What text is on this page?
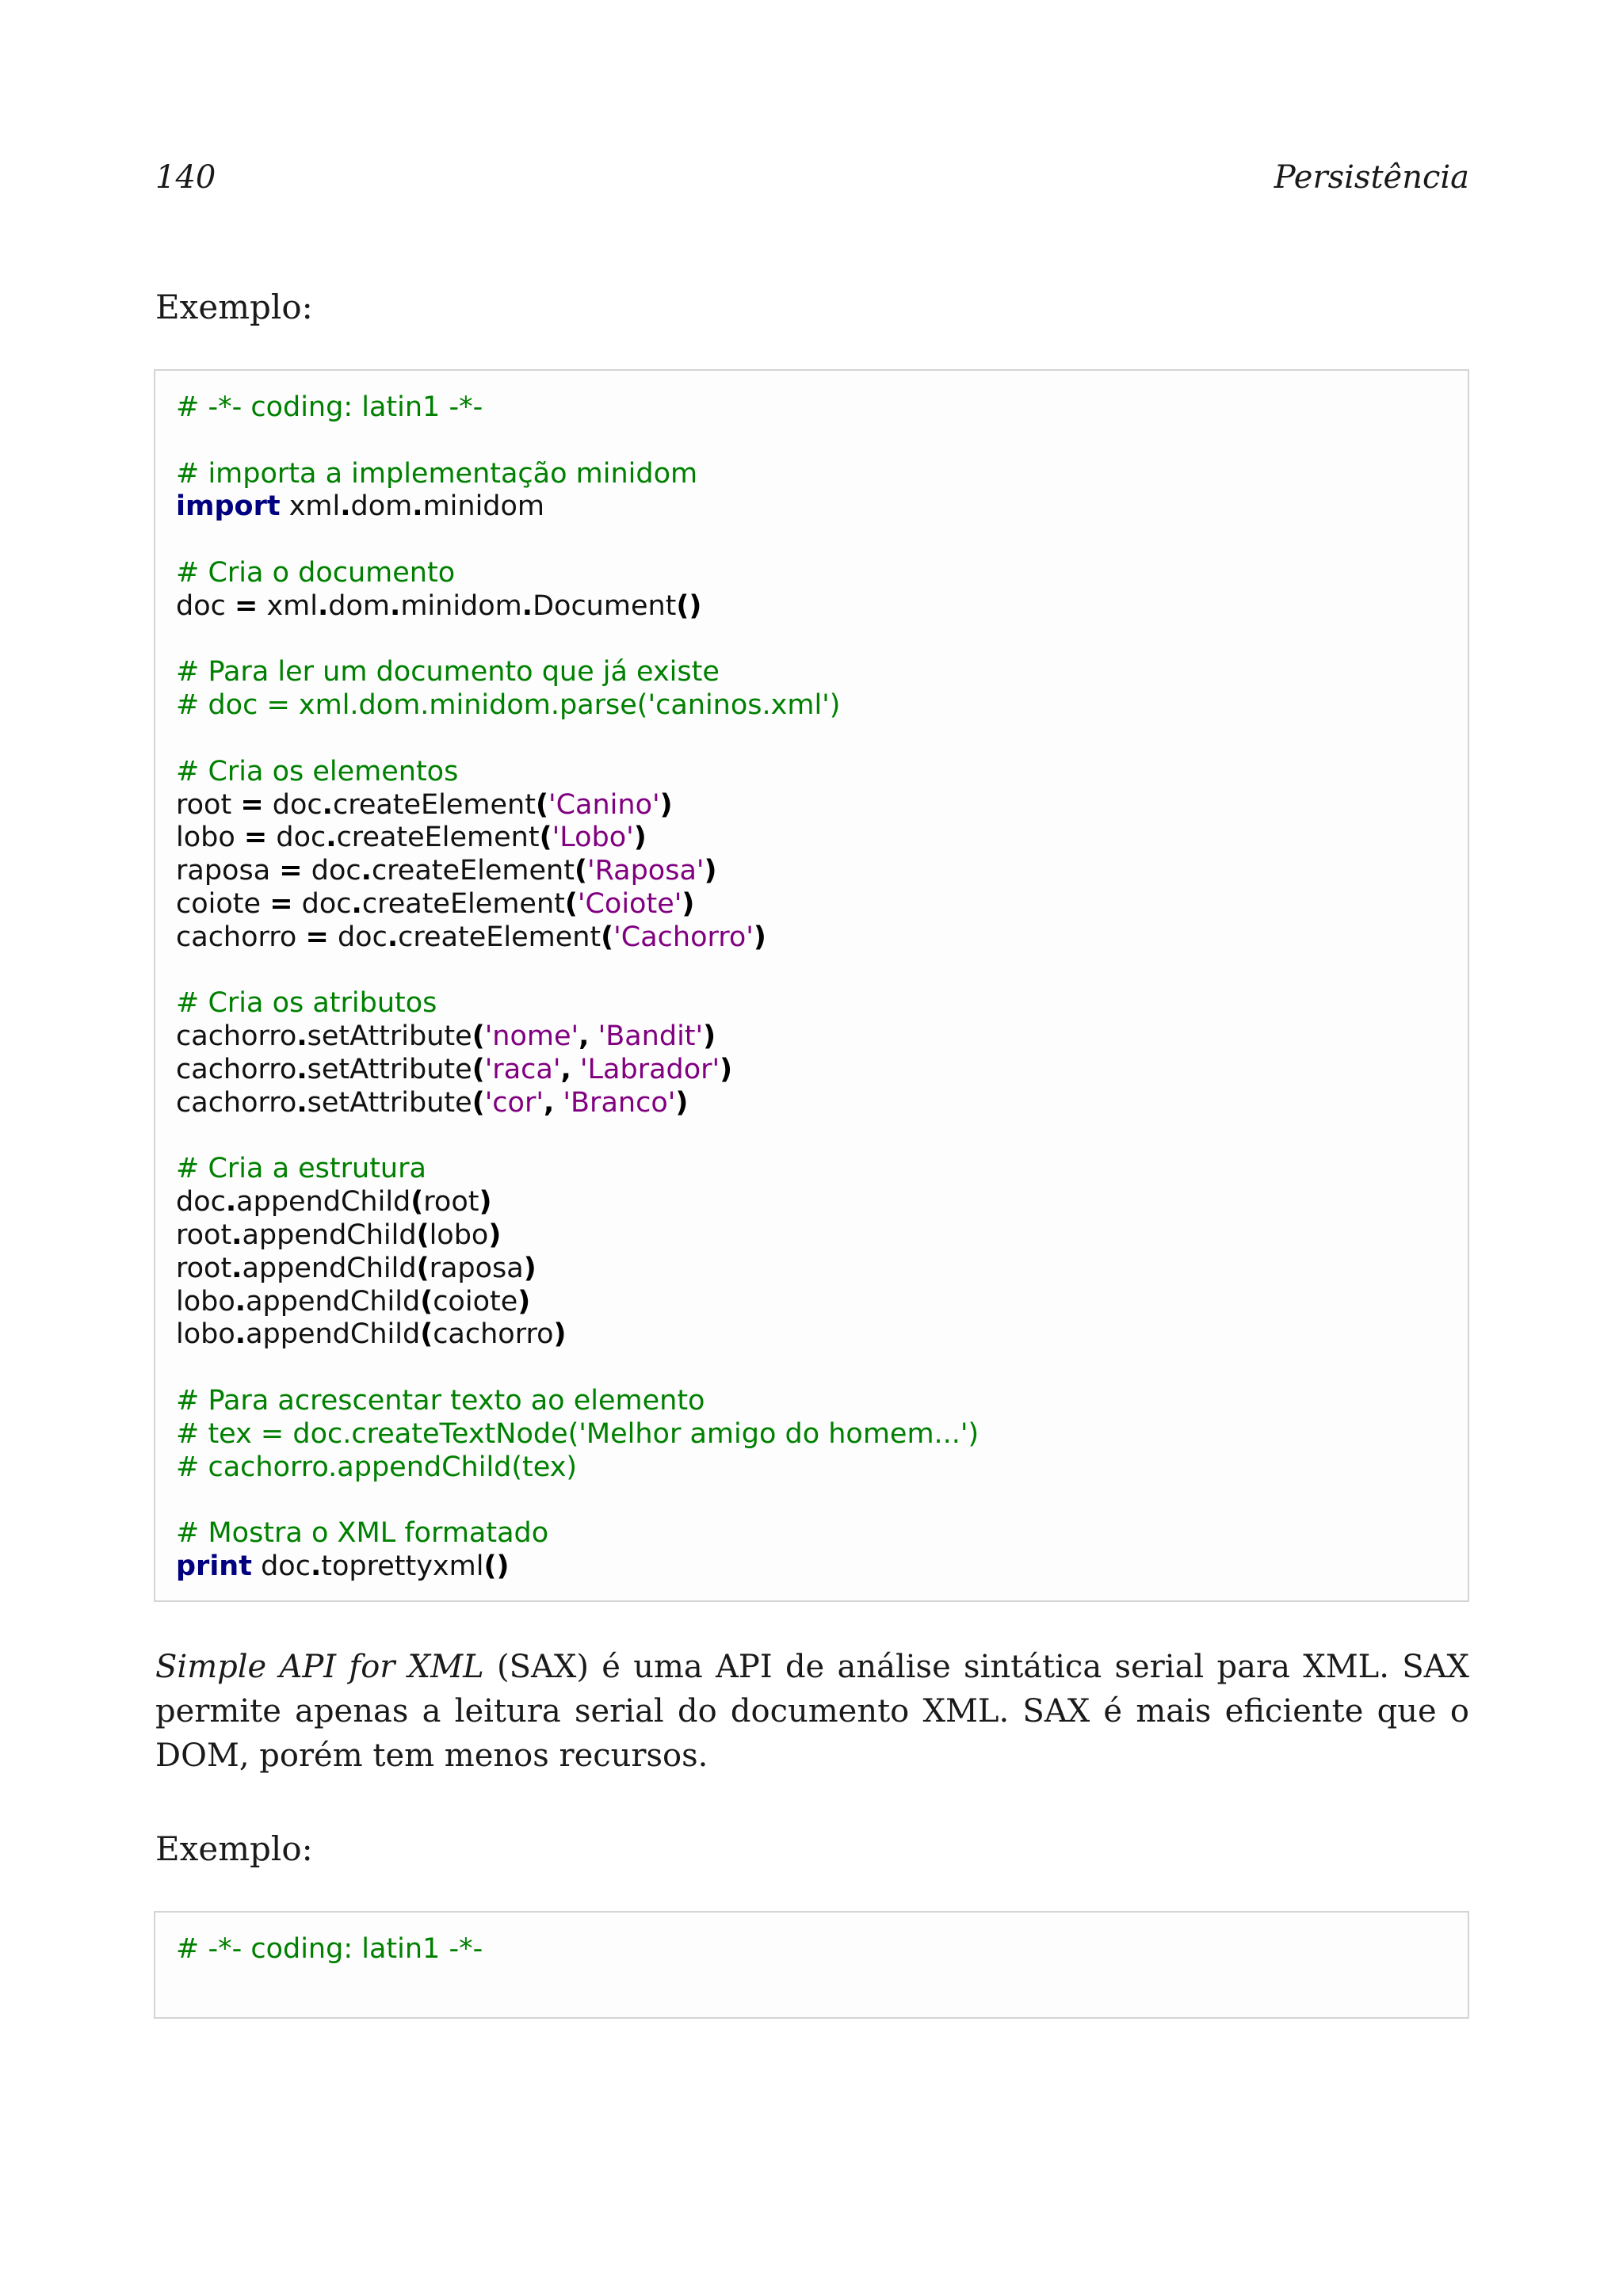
140	Persistência
Exemplo:
# -*- coding: latin1 -*-
# importa a implementação minidom
import xml.dom.minidom
# Cria o documento
doc = xml.dom.minidom.Document()
# Para ler um documento que já existe
# doc = xml.dom.minidom.parse('caninos.xml')
# Cria os elementos
root = doc.createElement('Canino')
lobo = doc.createElement('Lobo')
raposa = doc.createElement('Raposa')
coiote = doc.createElement('Coiote')
cachorro = doc.createElement('Cachorro')
# Cria os atributos
cachorro.setAttribute('nome', 'Bandit')
cachorro.setAttribute('raca', 'Labrador')
cachorro.setAttribute('cor', 'Branco')
# Cria a estrutura
doc.appendChild(root)
root.appendChild(lobo)
root.appendChild(raposa)
lobo.appendChild(coiote)
lobo.appendChild(cachorro)
# Para acrescentar texto ao elemento
# tex = doc.createTextNode('Melhor amigo do homem...')
# cachorro.appendChild(tex)
# Mostra o XML formatado
print doc.toprettyxml()

Simple API for XML (SAX) é uma API de análise sintática serial para XML. SAX permite apenas a leitura serial do documento XML. SAX é mais eficiente que o DOM, porém tem menos recursos.

Exemplo:
# -*- coding: latin1 -*-
